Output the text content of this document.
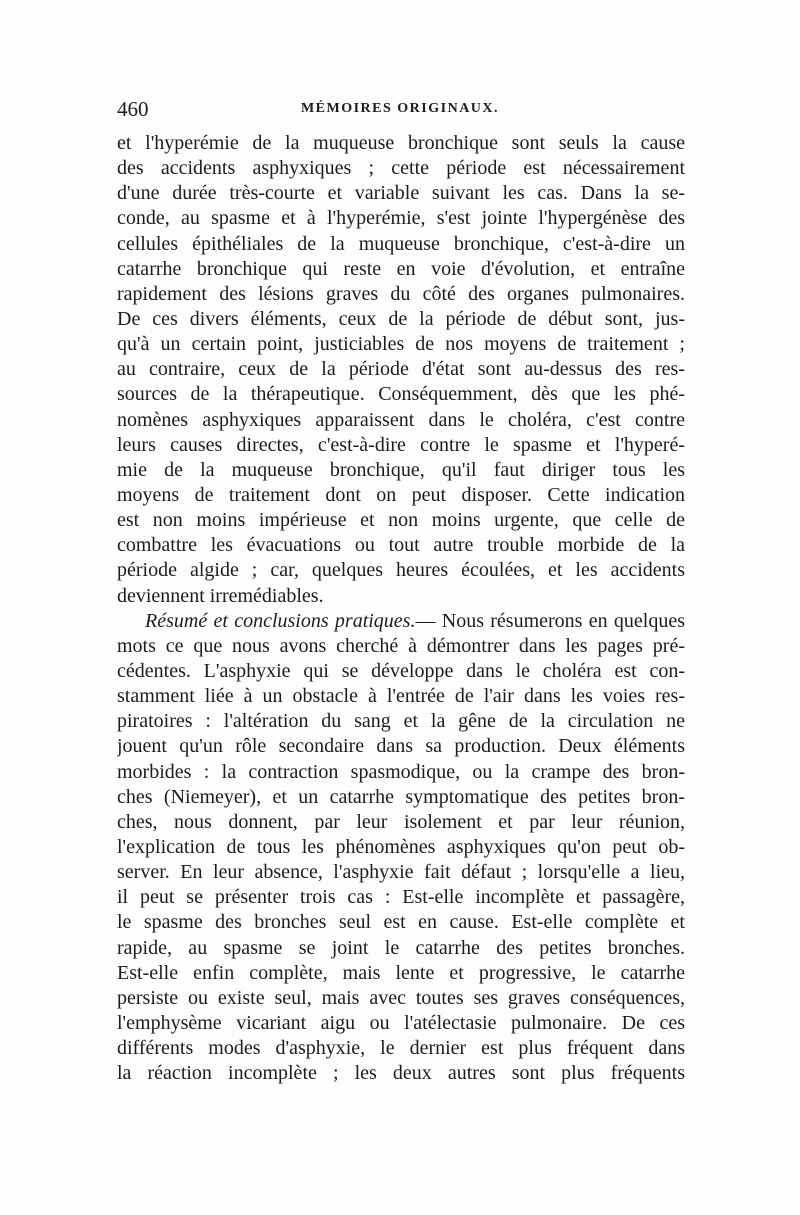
460	MÉMOIRES ORIGINAUX.
et l'hyperémie de la muqueuse bronchique sont seuls la cause
des accidents asphyxiques ; cette période est nécessairement
d'une durée très-courte et variable suivant les cas. Dans la se-
conde, au spasme et à l'hyperémie, s'est jointe l'hypergénèse des
cellules épithéliales de la muqueuse bronchique, c'est-à-dire un
catarrhe bronchique qui reste en voie d'évolution, et entraîne
rapidement des lésions graves du côté des organes pulmonaires.
De ces divers éléments, ceux de la période de début sont, jus-
qu'à un certain point, justiciables de nos moyens de traitement ;
au contraire, ceux de la période d'état sont au-dessus des res-
sources de la thérapeutique. Conséquemment, dès que les phé-
nomènes asphyxiques apparaissent dans le choléra, c'est contre
leurs causes directes, c'est-à-dire contre le spasme et l'hyperé-
mie de la muqueuse bronchique, qu'il faut diriger tous les
moyens de traitement dont on peut disposer. Cette indication
est non moins impérieuse et non moins urgente, que celle de
combattre les évacuations ou tout autre trouble morbide de la
période algide ; car, quelques heures écoulées, et les accidents
deviennent irremédiables.
Résumé et conclusions pratiques.— Nous résumerons en quelques
mots ce que nous avons cherché à démontrer dans les pages pré-
cédentes. L'asphyxie qui se développe dans le choléra est con-
stamment liée à un obstacle à l'entrée de l'air dans les voies res-
piratoires : l'altération du sang et la gêne de la circulation ne
jouent qu'un rôle secondaire dans sa production. Deux éléments
morbides : la contraction spasmodique, ou la crampe des bron-
ches (Niemeyer), et un catarrhe symptomatique des petites bron-
ches, nous donnent, par leur isolement et par leur réunion,
l'explication de tous les phénomènes asphyxiques qu'on peut ob-
server. En leur absence, l'asphyxie fait défaut ; lorsqu'elle a lieu,
il peut se présenter trois cas : Est-elle incomplète et passagère,
le spasme des bronches seul est en cause. Est-elle complète et
rapide, au spasme se joint le catarrhe des petites bronches.
Est-elle enfin complète, mais lente et progressive, le catarrhe
persiste ou existe seul, mais avec toutes ses graves conséquences,
l'emphysème vicariant aigu ou l'atélectasie pulmonaire. De ces
différents modes d'asphyxie, le dernier est plus fréquent dans
la réaction incomplète ; les deux autres sont plus fréquents
